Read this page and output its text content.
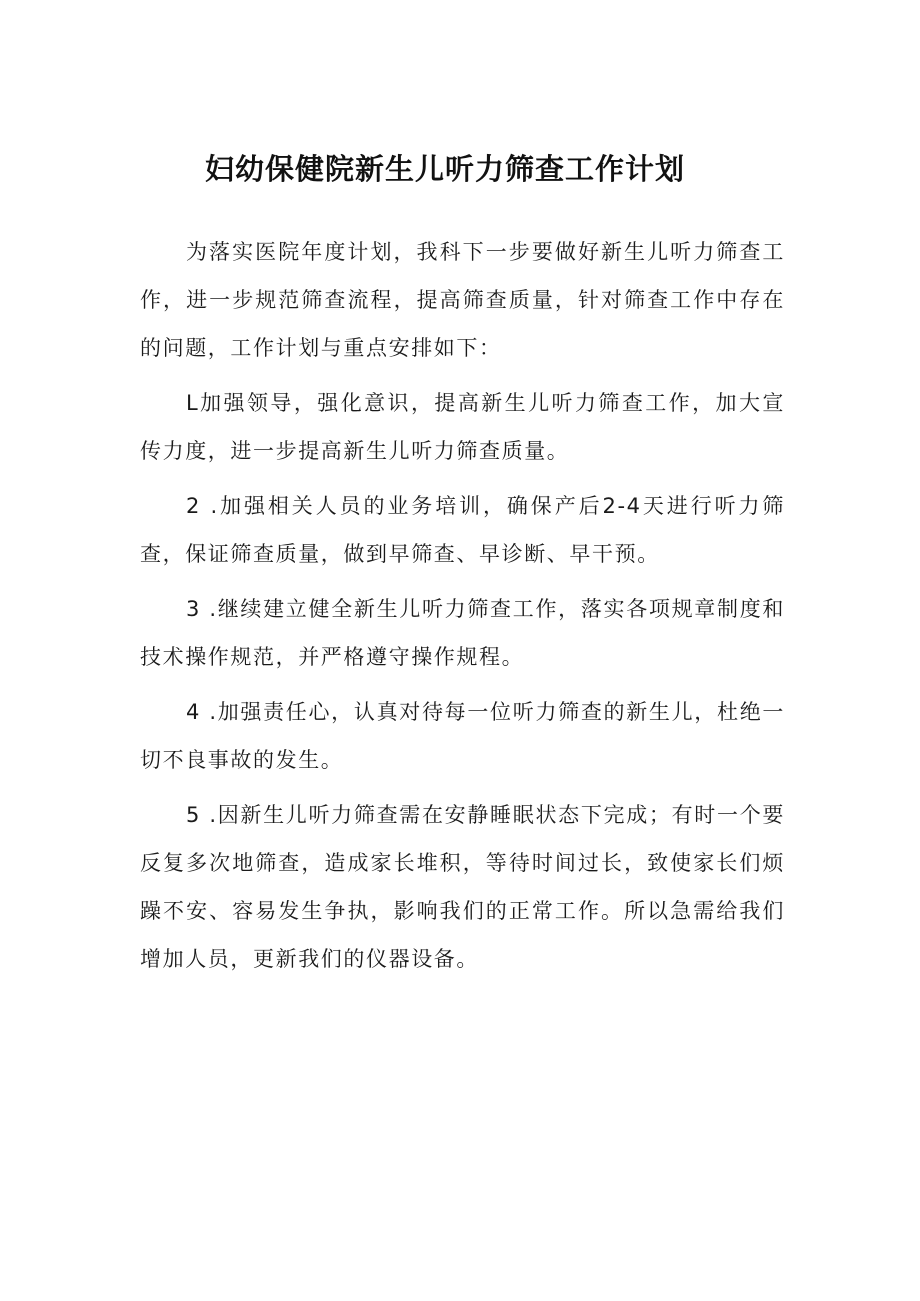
妇幼保健院新生儿听力筛查工作计划

为落实医院年度计划，我科下一步要做好新生儿听力筛查工作，进一步规范筛查流程，提高筛查质量，针对筛查工作中存在的问题，工作计划与重点安排如下：

L加强领导，强化意识，提高新生儿听力筛查工作，加大宣传力度，进一步提高新生儿听力筛查质量。

2 .加强相关人员的业务培训，确保产后2-4天进行听力筛查，保证筛查质量，做到早筛查、早诊断、早干预。

3 .继续建立健全新生儿听力筛查工作，落实各项规章制度和技术操作规范，并严格遵守操作规程。

4 .加强责任心，认真对待每一位听力筛查的新生儿，杜绝一切不良事故的发生。

5 .因新生儿听力筛查需在安静睡眠状态下完成；有时一个要反复多次地筛查，造成家长堆积，等待时间过长，致使家长们烦躁不安、容易发生争执，影响我们的正常工作。所以急需给我们增加人员，更新我们的仪器设备。
